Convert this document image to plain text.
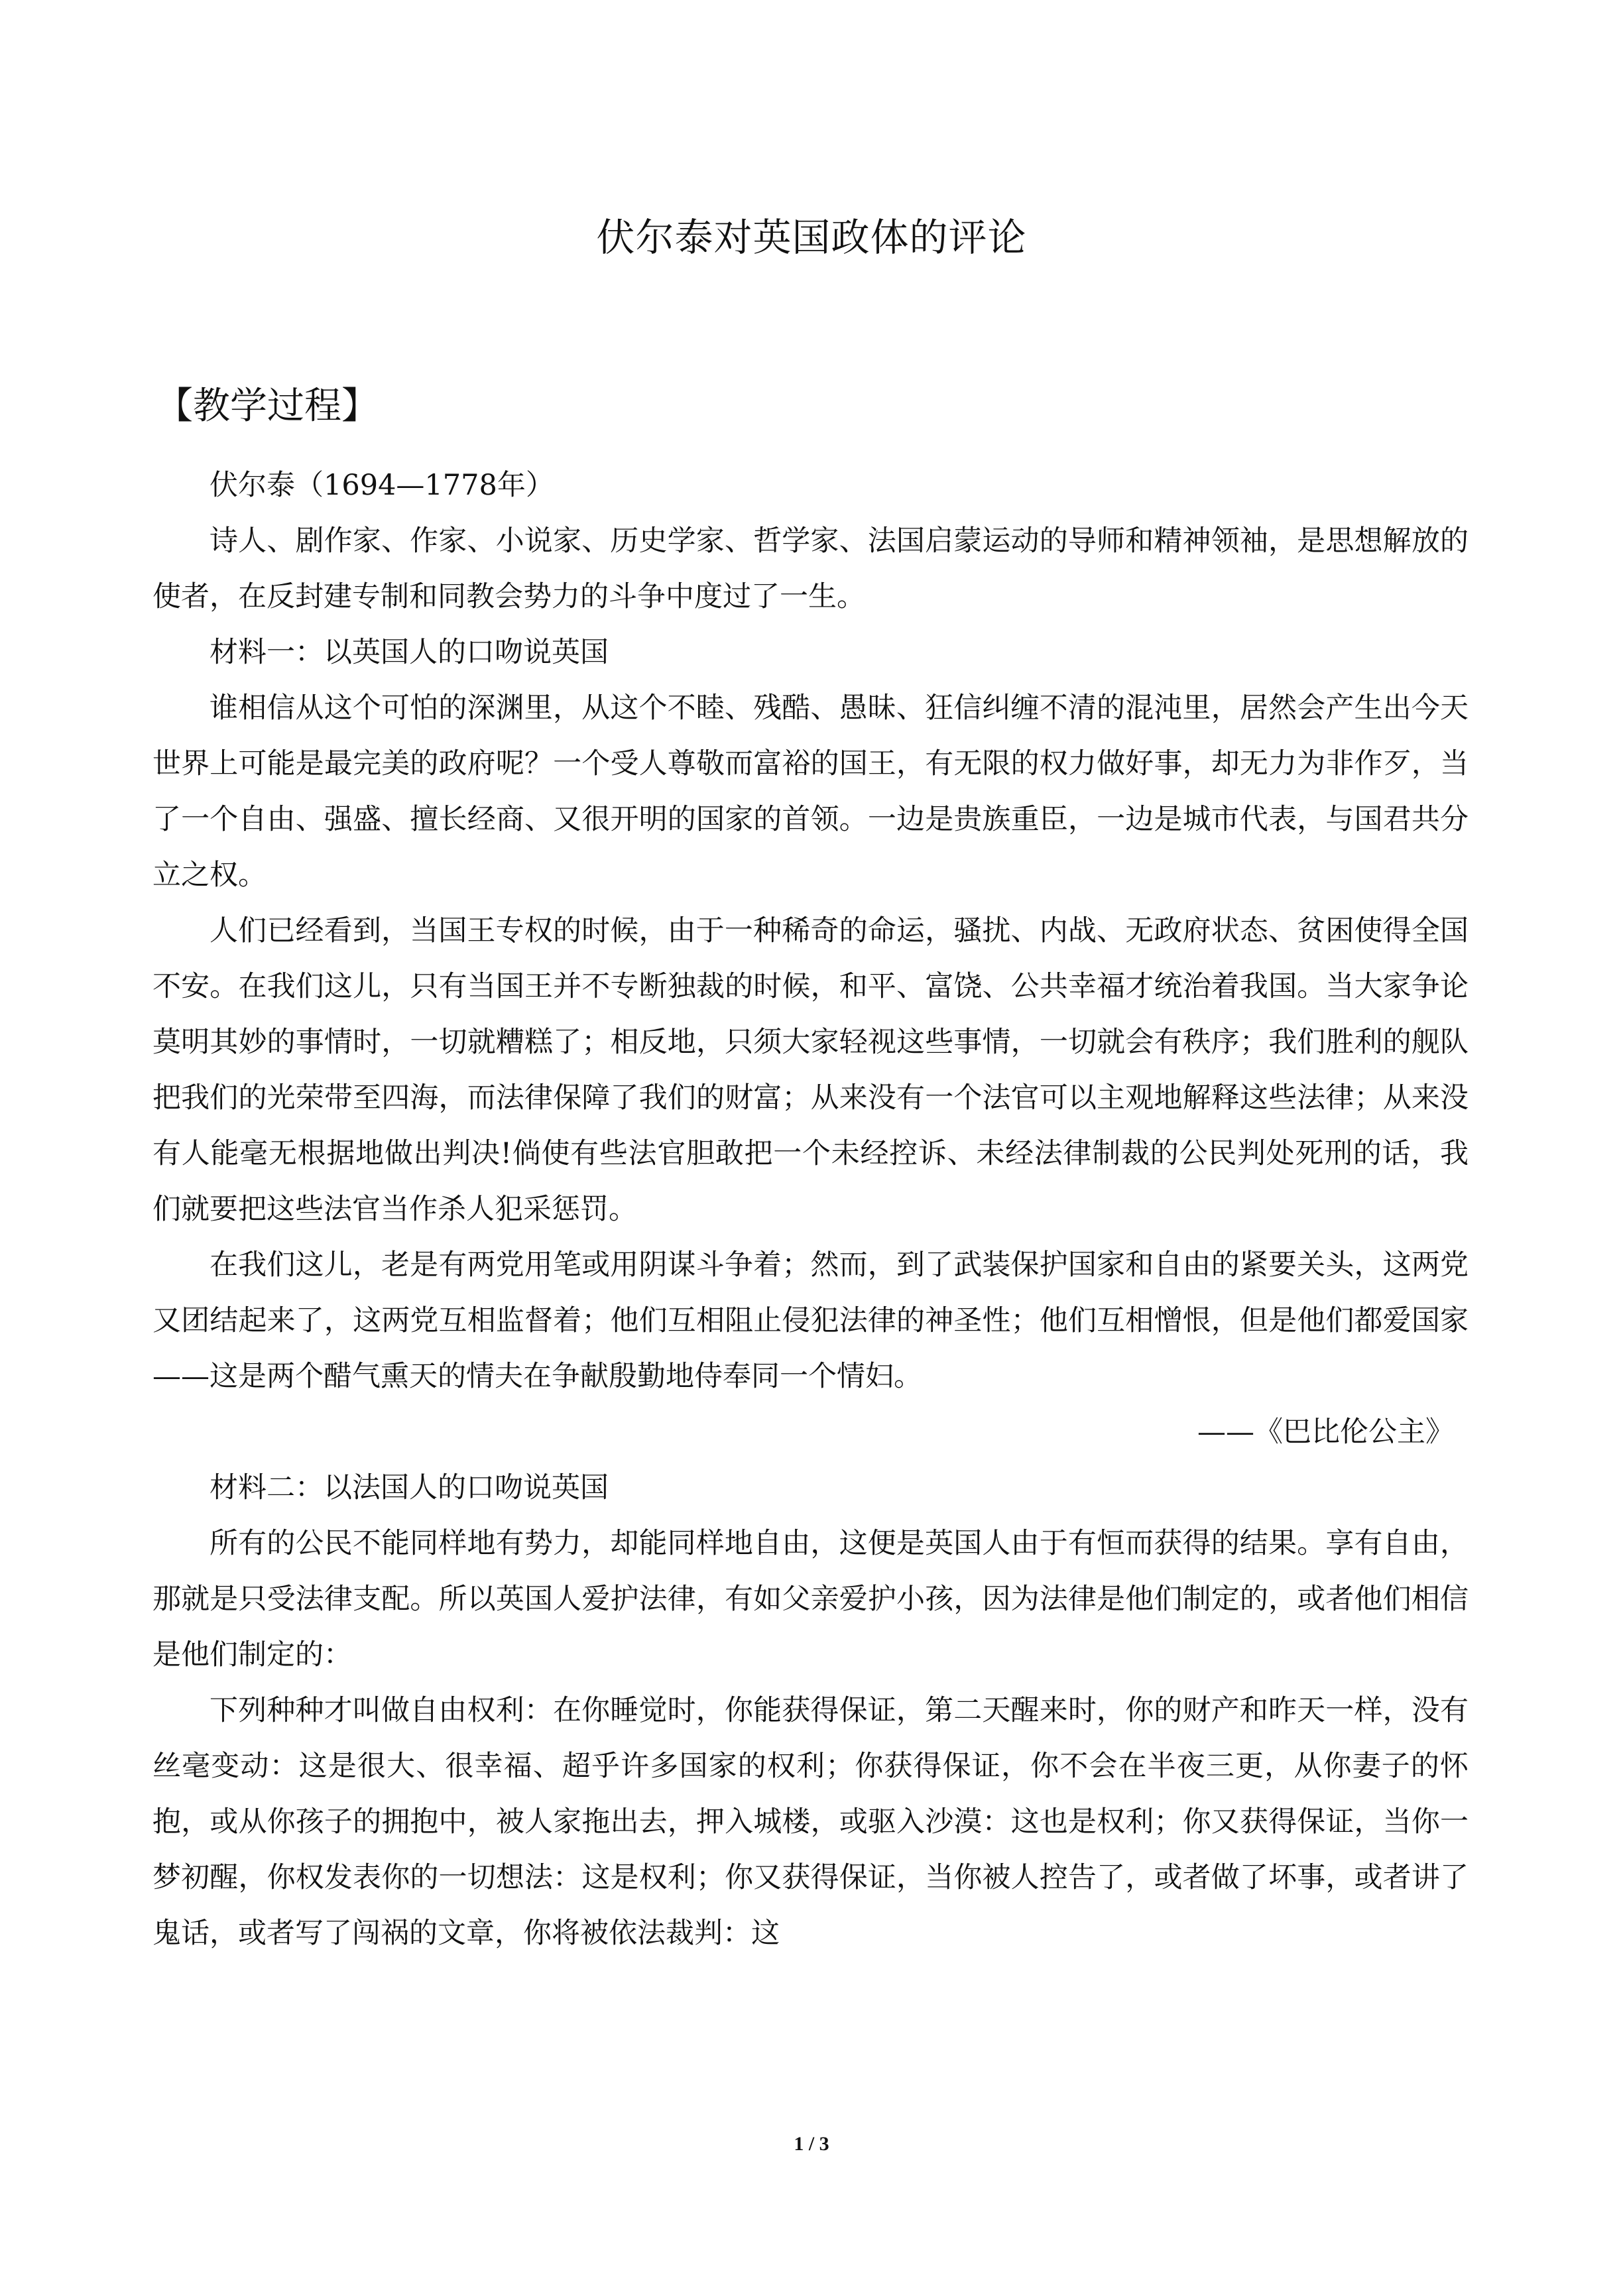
伏尔泰对英国政体的评论
【教学过程】

伏尔泰（1694—1778年）

诗人、剧作家、作家、小说家、历史学家、哲学家、法国启蒙运动的导师和精神领袖，是思想解放的使者，在反封建专制和同教会势力的斗争中度过了一生。

材料一：以英国人的口吻说英国

谁相信从这个可怕的深渊里，从这个不睦、残酷、愚昧、狂信纠缠不清的混沌里，居然会产生出今天世界上可能是最完美的政府呢？一个受人尊敬而富裕的国王，有无限的权力做好事，却无力为非作歹，当了一个自由、强盛、擅长经商、又很开明的国家的首领。一边是贵族重臣，一边是城市代表，与国君共分立之权。

人们已经看到，当国王专权的时候，由于一种稀奇的命运，骚扰、内战、无政府状态、贫困使得全国不安。在我们这儿，只有当国王并不专断独裁的时候，和平、富饶、公共幸福才统治着我国。当大家争论莫明其妙的事情时，一切就糟糕了；相反地，只须大家轻视这些事情，一切就会有秩序；我们胜利的舰队把我们的光荣带至四海，而法律保障了我们的财富；从来没有一个法官可以主观地解释这些法律；从来没有人能毫无根据地做出判决!倘使有些法官胆敢把一个未经控诉、未经法律制裁的公民判处死刑的话，我们就要把这些法官当作杀人犯采惩罚。

在我们这儿，老是有两党用笔或用阴谋斗争着；然而，到了武装保护国家和自由的紧要关头，这两党又团结起来了，这两党互相监督着；他们互相阻止侵犯法律的神圣性；他们互相憎恨，但是他们都爱国家——这是两个醋气熏天的情夫在争献殷勤地侍奉同一个情妇。

——《巴比伦公主》

材料二：以法国人的口吻说英国

所有的公民不能同样地有势力，却能同样地自由，这便是英国人由于有恒而获得的结果。享有自由，那就是只受法律支配。所以英国人爱护法律，有如父亲爱护小孩，因为法律是他们制定的，或者他们相信是他们制定的：

下列种种才叫做自由权利：在你睡觉时，你能获得保证，第二天醒来时，你的财产和昨天一样，没有丝毫变动：这是很大、很幸福、超乎许多国家的权利；你获得保证，你不会在半夜三更，从你妻子的怀抱，或从你孩子的拥抱中，被人家拖出去，押入城楼，或驱入沙漠：这也是权利；你又获得保证，当你一梦初醒，你权发表你的一切想法：这是权利；你又获得保证，当你被人控告了，或者做了坏事，或者讲了鬼话，或者写了闯祸的文章，你将被依法裁判：这

1 / 3
